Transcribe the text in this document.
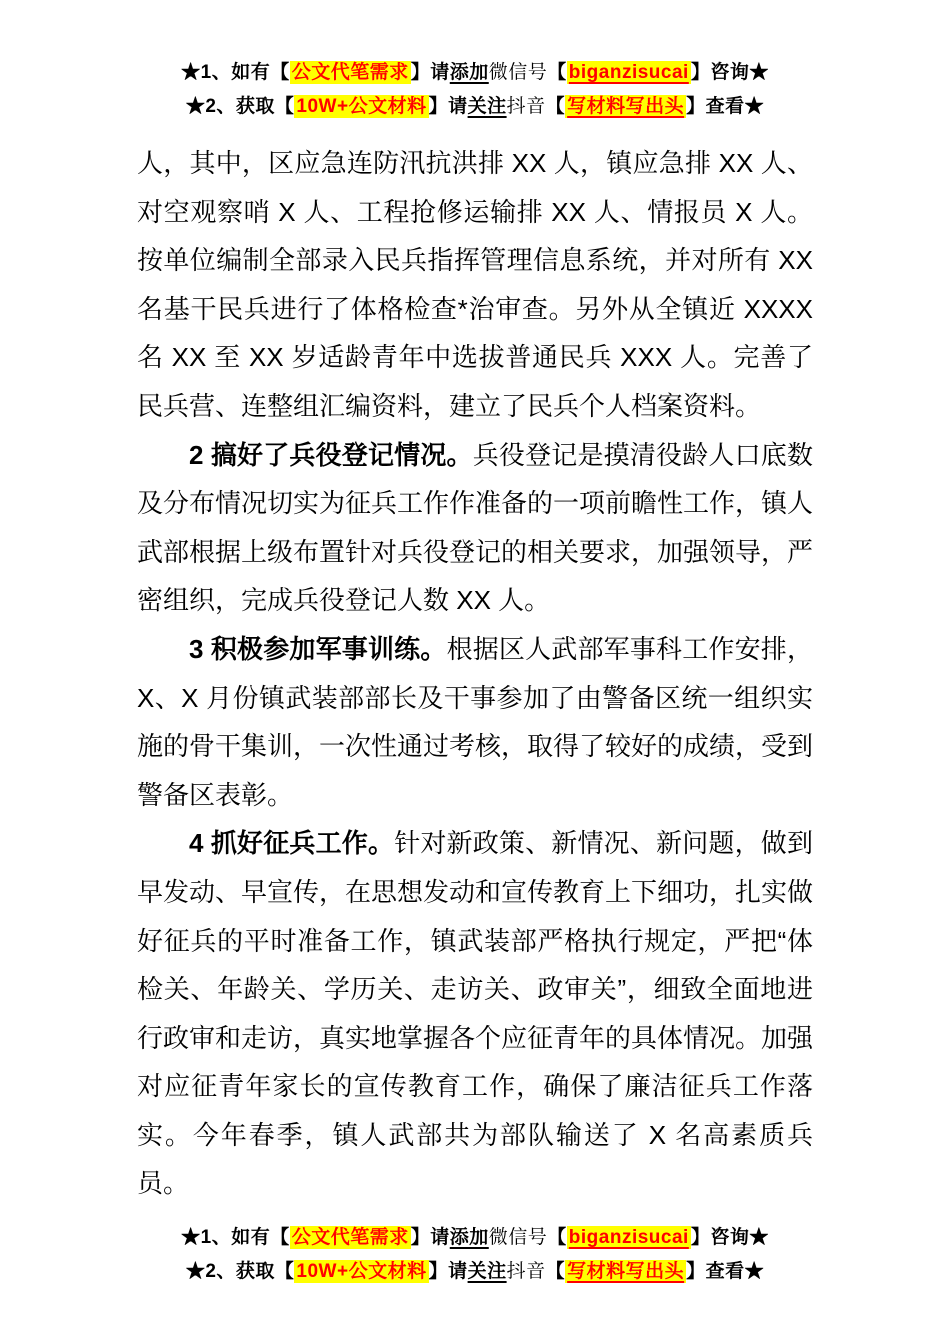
★1、如有【 公文代笔需求 】请添加微信号【 biganzisucai 】咨询★
★2、获取【 10W+公文材料 】请关注抖音【 写材料写出头 】查看★

人，其中，区应急连防汛抗洪排 XX 人，镇应急排 XX 人、对空观察哨 X 人、工程抢修运输排 XX 人、情报员 X 人。按单位编制全部录入民兵指挥管理信息系统，并对所有 XX 名基干民兵进行了体格检查*治审查。另外从全镇近 XXXX 名 XX 至 XX 岁适龄青年中选拔普通民兵 XXX 人。完善了民兵营、连整组汇编资料，建立了民兵个人档案资料。

2 搞好了兵役登记情况。兵役登记是摸清役龄人口底数及分布情况切实为征兵工作作准备的一项前瞻性工作，镇人武部根据上级布置针对兵役登记的相关要求，加强领导，严密组织，完成兵役登记人数 XX 人。

3 积极参加军事训练。根据区人武部军事科工作安排，X、X 月份镇武装部部长及干事参加了由警备区统一组织实施的骨干集训，一次性通过考核，取得了较好的成绩，受到警备区表彰。

4 抓好征兵工作。针对新政策、新情况、新问题，做到早发动、早宣传，在思想发动和宣传教育上下细功，扎实做好征兵的平时准备工作，镇武装部严格执行规定，严把“体检关、年龄关、学历关、走访关、政审关”，细致全面地进行政审和走访，真实地掌握各个应征青年的具体情况。加强对应征青年家长的宣传教育工作，确保了廉洁征兵工作落实。今年春季，镇人武部共为部队输送了 X 名高素质兵员。

★1、如有【 公文代笔需求 】请添加微信号【 biganzisucai 】咨询★
★2、获取【 10W+公文材料 】请关注抖音【 写材料写出头 】查看★
